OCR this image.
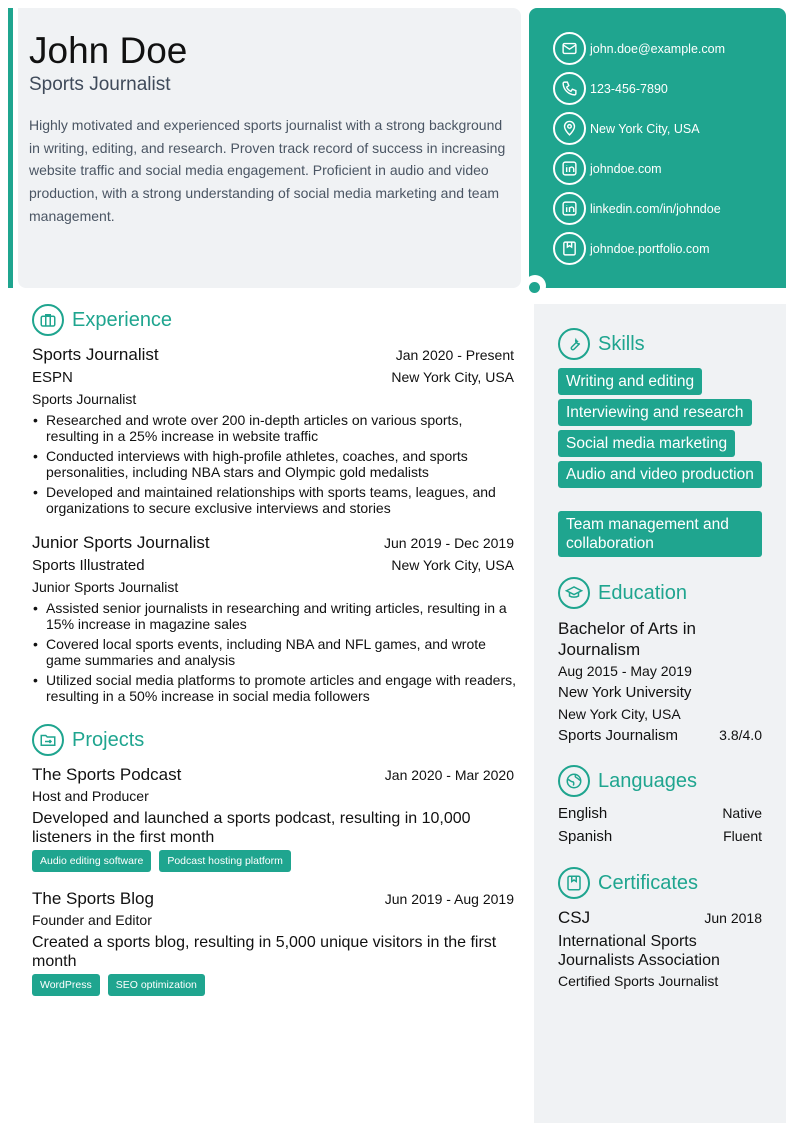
John Doe
Sports Journalist
Highly motivated and experienced sports journalist with a strong background in writing, editing, and research. Proven track record of success in increasing website traffic and social media engagement. Proficient in audio and video production, with a strong understanding of social media marketing and team management.
john.doe@example.com
123-456-7890
New York City, USA
johndoe.com
linkedin.com/in/johndoe
johndoe.portfolio.com
Experience
Sports Journalist	Jan 2020 - Present
ESPN	New York City, USA
Sports Journalist
• Researched and wrote over 200 in-depth articles on various sports, resulting in a 25% increase in website traffic
• Conducted interviews with high-profile athletes, coaches, and sports personalities, including NBA stars and Olympic gold medalists
• Developed and maintained relationships with sports teams, leagues, and organizations to secure exclusive interviews and stories
Junior Sports Journalist	Jun 2019 - Dec 2019
Sports Illustrated	New York City, USA
Junior Sports Journalist
• Assisted senior journalists in researching and writing articles, resulting in a 15% increase in magazine sales
• Covered local sports events, including NBA and NFL games, and wrote game summaries and analysis
• Utilized social media platforms to promote articles and engage with readers, resulting in a 50% increase in social media followers
Projects
The Sports Podcast	Jan 2020 - Mar 2020
Host and Producer
Developed and launched a sports podcast, resulting in 10,000 listeners in the first month
Audio editing software	Podcast hosting platform
The Sports Blog	Jun 2019 - Aug 2019
Founder and Editor
Created a sports blog, resulting in 5,000 unique visitors in the first month
WordPress	SEO optimization
Skills
Writing and editing
Interviewing and research
Social media marketing
Audio and video production
Team management and collaboration
Education
Bachelor of Arts in Journalism
Aug 2015 - May 2019
New York University
New York City, USA
Sports Journalism	3.8/4.0
Languages
English	Native
Spanish	Fluent
Certificates
CSJ	Jun 2018
International Sports Journalists Association
Certified Sports Journalist
